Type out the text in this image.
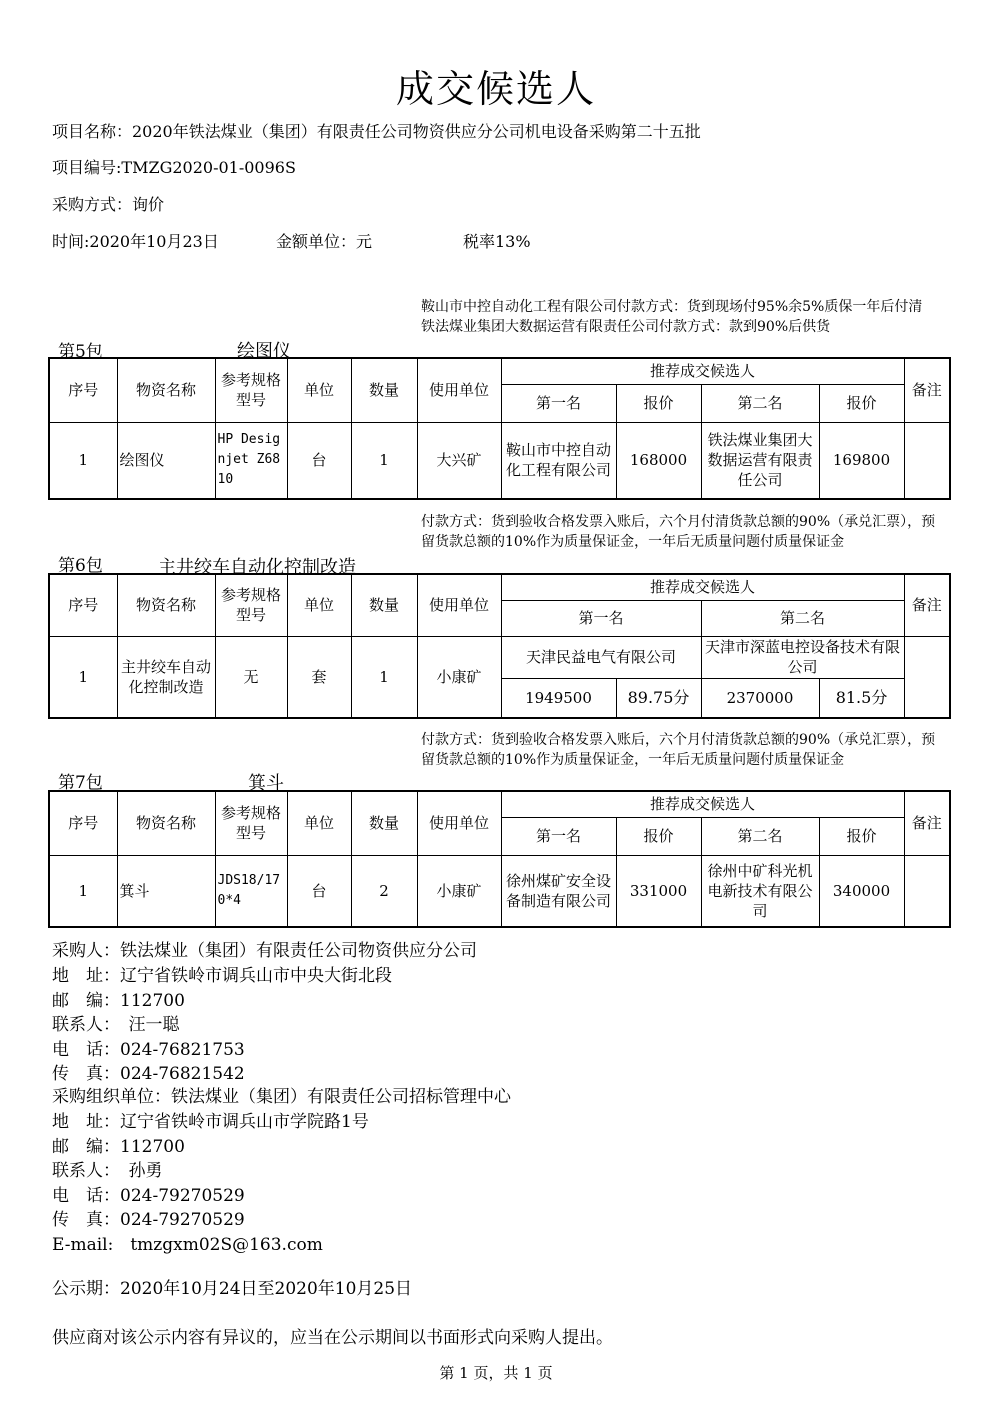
成交候选人
项目名称：2020年铁法煤业（集团）有限责任公司物资供应分公司机电设备采购第二十五批
项目编号:TMZG2020-01-0096S
采购方式：询价
时间:2020年10月23日	金额单位：元	税率13%
鞍山市中控自动化工程有限公司付款方式：货到现场付95%余5%质保一年后付清
铁法煤业集团大数据运营有限责任公司付款方式：款到90%后供货
第5包	绘图仪
序号	物资名称	参考规格型号	单位	数量	使用单位	推荐成交候选人				备注
						第一名	报价	第二名	报价	
1	绘图仪	HP Designjet Z6810	台	1	大兴矿	鞍山市中控自动化工程有限公司	168000	铁法煤业集团大数据运营有限责任公司	169800	
付款方式：货到验收合格发票入账后，六个月付清货款总额的90%（承兑汇票），预留货款总额的10%作为质量保证金，一年后无质量问题付质量保证金
第6包	主井绞车自动化控制改造
序号	物资名称	参考规格型号	单位	数量	使用单位	推荐成交候选人				备注
						第一名		第二名		
1	主井绞车自动化控制改造	无	套	1	小康矿	天津民益电气有限公司		天津市深蓝电控设备技术有限公司		
						1949500	89.75分	2370000	81.5分	
付款方式：货到验收合格发票入账后，六个月付清货款总额的90%（承兑汇票），预留货款总额的10%作为质量保证金，一年后无质量问题付质量保证金
第7包	箕斗
序号	物资名称	参考规格型号	单位	数量	使用单位	推荐成交候选人				备注
						第一名	报价	第二名	报价	
1	箕斗	JDS18/170*4	台	2	小康矿	徐州煤矿安全设备制造有限公司	331000	徐州中矿科光机电新技术有限公司	340000	
采购人：铁法煤业（集团）有限责任公司物资供应分公司
地　址：辽宁省铁岭市调兵山市中央大街北段
邮　编：112700
联系人：　汪一聪
电　话：024-76821753
传　真：024-76821542
采购组织单位：铁法煤业（集团）有限责任公司招标管理中心
地　址：辽宁省铁岭市调兵山市学院路1号
邮　编：112700
联系人：　孙勇
电　话：024-79270529
传　真：024-79270529
E-mail:　tmzgxm02S@163.com
公示期：2020年10月24日至2020年10月25日
供应商对该公示内容有异议的，应当在公示期间以书面形式向采购人提出。
第 1 页，共 1 页
